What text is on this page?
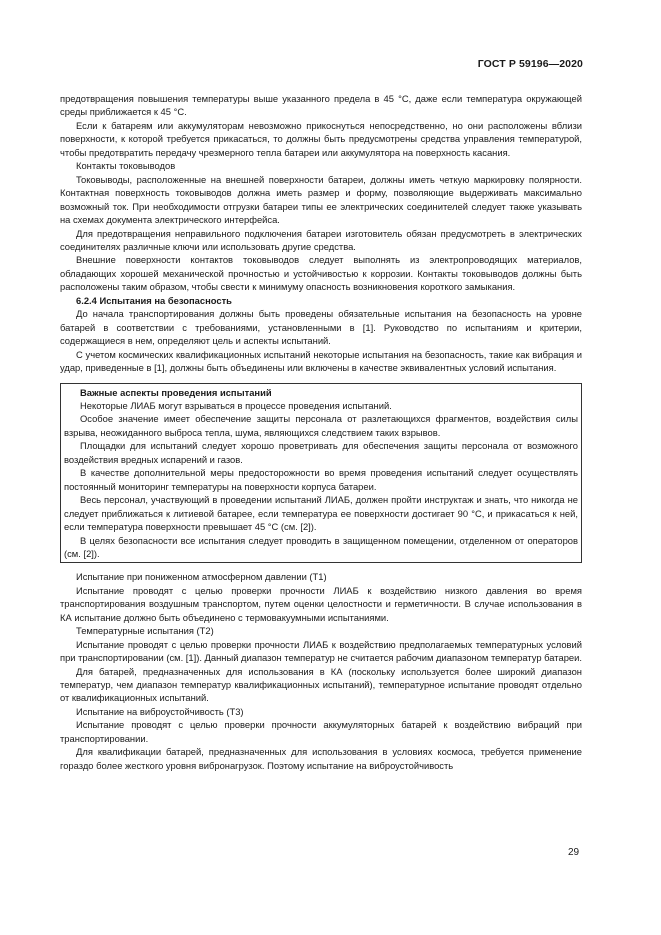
ГОСТ Р 59196—2020

предотвращения повышения температуры выше указанного предела в 45 °С, даже если температура окружающей среды приближается к 45 °С.

Если к батареям или аккумуляторам невозможно прикоснуться непосредственно, но они расположены вблизи поверхности, к которой требуется прикасаться, то должны быть предусмотрены средства управления температурой, чтобы предотвратить передачу чрезмерного тепла батареи или аккумулятора на поверхность касания.

Контакты токовыводов

Токовыводы, расположенные на внешней поверхности батареи, должны иметь четкую маркировку полярности. Контактная поверхность токовыводов должна иметь размер и форму, позволяющие выдерживать максимально возможный ток. При необходимости отгрузки батареи типы ее электрических соединителей следует также указывать на схемах документа электрического интерфейса.

Для предотвращения неправильного подключения батареи изготовитель обязан предусмотреть в электрических соединителях различные ключи или использовать другие средства.

Внешние поверхности контактов токовыводов следует выполнять из электропроводящих материалов, обладающих хорошей механической прочностью и устойчивостью к коррозии. Контакты токовыводов должны быть расположены таким образом, чтобы свести к минимуму опасность возникновения короткого замыкания.

6.2.4 Испытания на безопасность

До начала транспортирования должны быть проведены обязательные испытания на безопасность на уровне батарей в соответствии с требованиями, установленными в [1]. Руководство по испытаниям и критерии, содержащиеся в нем, определяют цель и аспекты испытаний.

С учетом космических квалификационных испытаний некоторые испытания на безопасность, такие как вибрация и удар, приведенные в [1], должны быть объединены или включены в качестве эквивалентных условий испытания.

Важные аспекты проведения испытаний

Некоторые ЛИАБ могут взрываться в процессе проведения испытаний.

Особое значение имеет обеспечение защиты персонала от разлетающихся фрагментов, воздействия силы взрыва, неожиданного выброса тепла, шума, являющихся следствием таких взрывов.

Площадки для испытаний следует хорошо проветривать для обеспечения защиты персонала от возможного воздействия вредных испарений и газов.

В качестве дополнительной меры предосторожности во время проведения испытаний следует осуществлять постоянный мониторинг температуры на поверхности корпуса батареи.

Весь персонал, участвующий в проведении испытаний ЛИАБ, должен пройти инструктаж и знать, что никогда не следует приближаться к литиевой батарее, если температура ее поверхности достигает 90 °С, и прикасаться к ней, если температура поверхности превышает 45 °С (см. [2]).

В целях безопасности все испытания следует проводить в защищенном помещении, отделенном от операторов (см. [2]).

Испытание при пониженном атмосферном давлении (Т1)

Испытание проводят с целью проверки прочности ЛИАБ к воздействию низкого давления во время транспортирования воздушным транспортом, путем оценки целостности и герметичности. В случае использования в КА испытание должно быть объединено с термовакуумными испытаниями.

Температурные испытания (Т2)

Испытание проводят с целью проверки прочности ЛИАБ к воздействию предполагаемых температурных условий при транспортировании (см. [1]). Данный диапазон температур не считается рабочим диапазоном температур батареи.

Для батарей, предназначенных для использования в КА (поскольку используется более широкий диапазон температур, чем диапазон температур квалификационных испытаний), температурное испытание проводят отдельно от квалификационных испытаний.

Испытание на виброустойчивость (Т3)

Испытание проводят с целью проверки прочности аккумуляторных батарей к воздействию вибраций при транспортировании.

Для квалификации батарей, предназначенных для использования в условиях космоса, требуется применение гораздо более жесткого уровня вибронагрузок. Поэтому испытание на виброустойчивость

29
